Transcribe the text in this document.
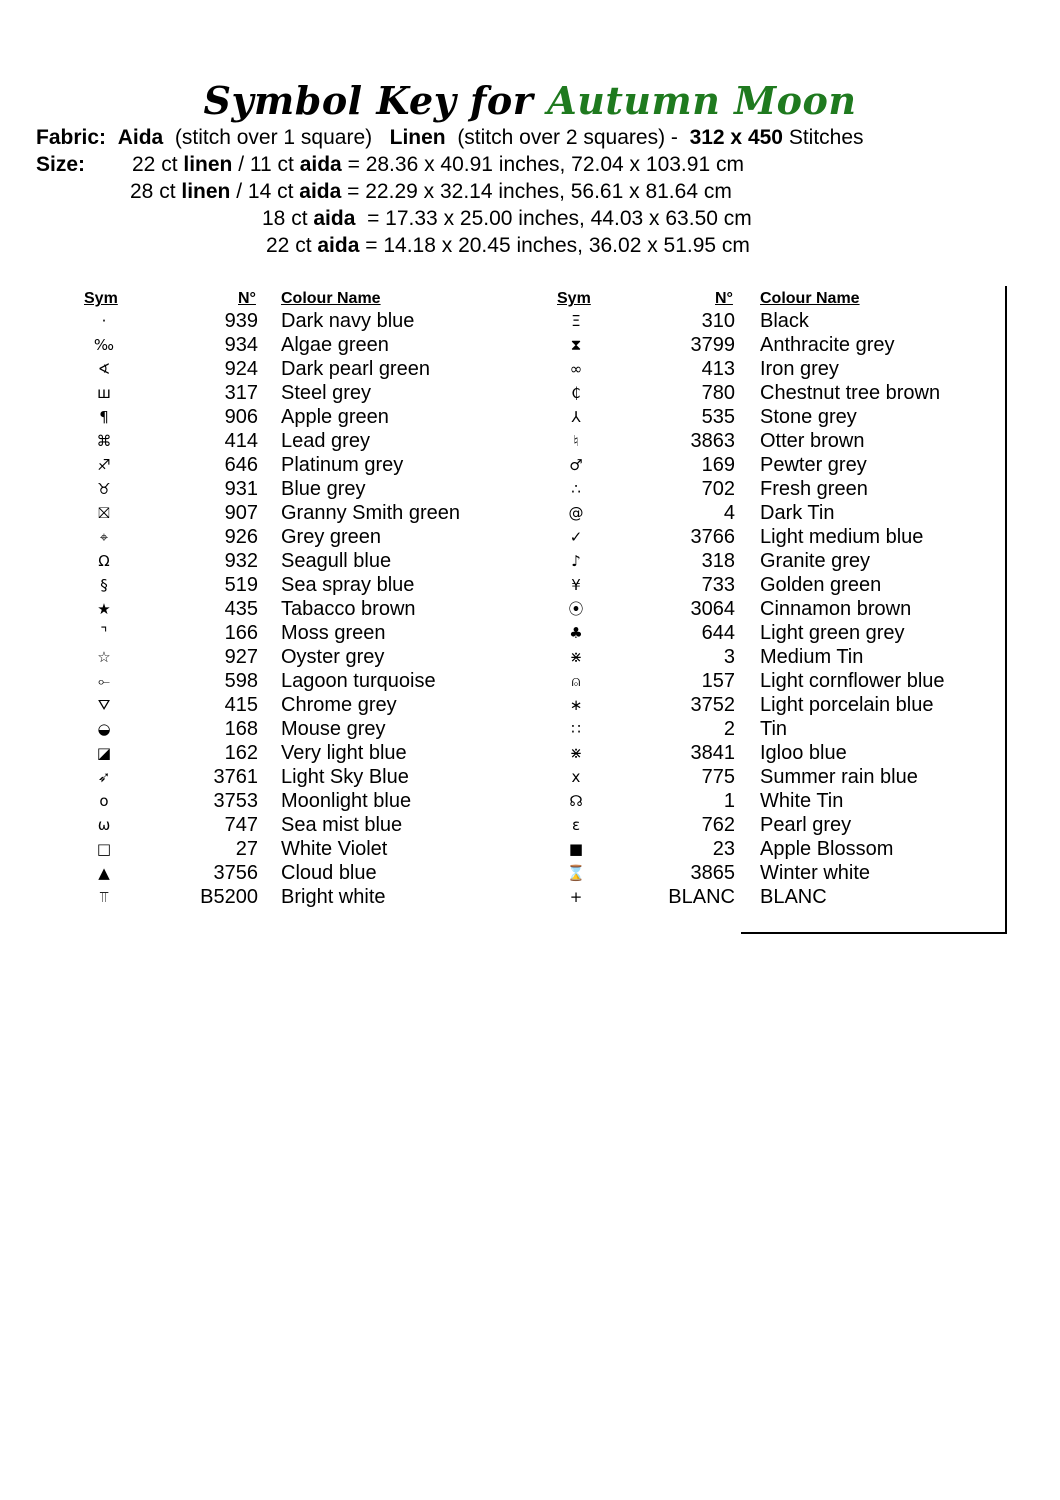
Symbol Key for Autumn Moon
Fabric: Aida (stitch over 1 square) Linen (stitch over 2 squares) - 312 x 450 Stitches
Size: 22 ct linen / 11 ct aida = 28.36 x 40.91 inches, 72.04 x 103.91 cm
28 ct linen / 14 ct aida = 22.29 x 32.14 inches, 56.61 x 81.64 cm
18 ct aida  = 17.33 x 25.00 inches, 44.03 x 63.50 cm
22 ct aida = 14.18 x 20.45 inches, 36.02 x 51.95 cm
Sym	N° Colour Name	Sym	N° Colour Name
·	939 Dark navy blue	Ξ	310 Black
‰	934 Algae green	⧗	3799 Anthracite grey
∢	924 Dark pearl green	∞	413 Iron grey
ш	317 Steel grey	₵	780 Chestnut tree brown
¶	906 Apple green	⅄	535 Stone grey
⌘	414 Lead grey	♮	3863 Otter brown
♐	646 Platinum grey	♂	169 Pewter grey
♉	931 Blue grey	∴	702 Fresh green
⛝	907 Granny Smith green	@	4 Dark Tin
⌖	926 Grey green	✓	3766 Light medium blue
Ω	932 Seagull blue	♪	318 Granite grey
§	519 Sea spray blue	¥	733 Golden green
★	435 Tabacco brown	⦿	3064 Cinnamon brown
⌝	166 Moss green	♣	644 Light green grey
☆	927 Oyster grey	⋇	3 Medium Tin
⟜	598 Lagoon turquoise	⍝	157 Light cornflower blue
⛛	415 Chrome grey	∗	3752 Light porcelain blue
◒	168 Mouse grey	∷	2 Tin
◪	162 Very light blue	⋇	3841 Igloo blue
➶	3761 Light Sky Blue	x	775 Summer rain blue
o	3753 Moonlight blue	☊	1 White Tin
ω	747 Sea mist blue	ε	762 Pearl grey
□	27 White Violet	■	23 Apple Blossom
▲	3756 Cloud blue	⌛	3865 Winter white
⫪	B5200 Bright white	+	BLANC BLANC
